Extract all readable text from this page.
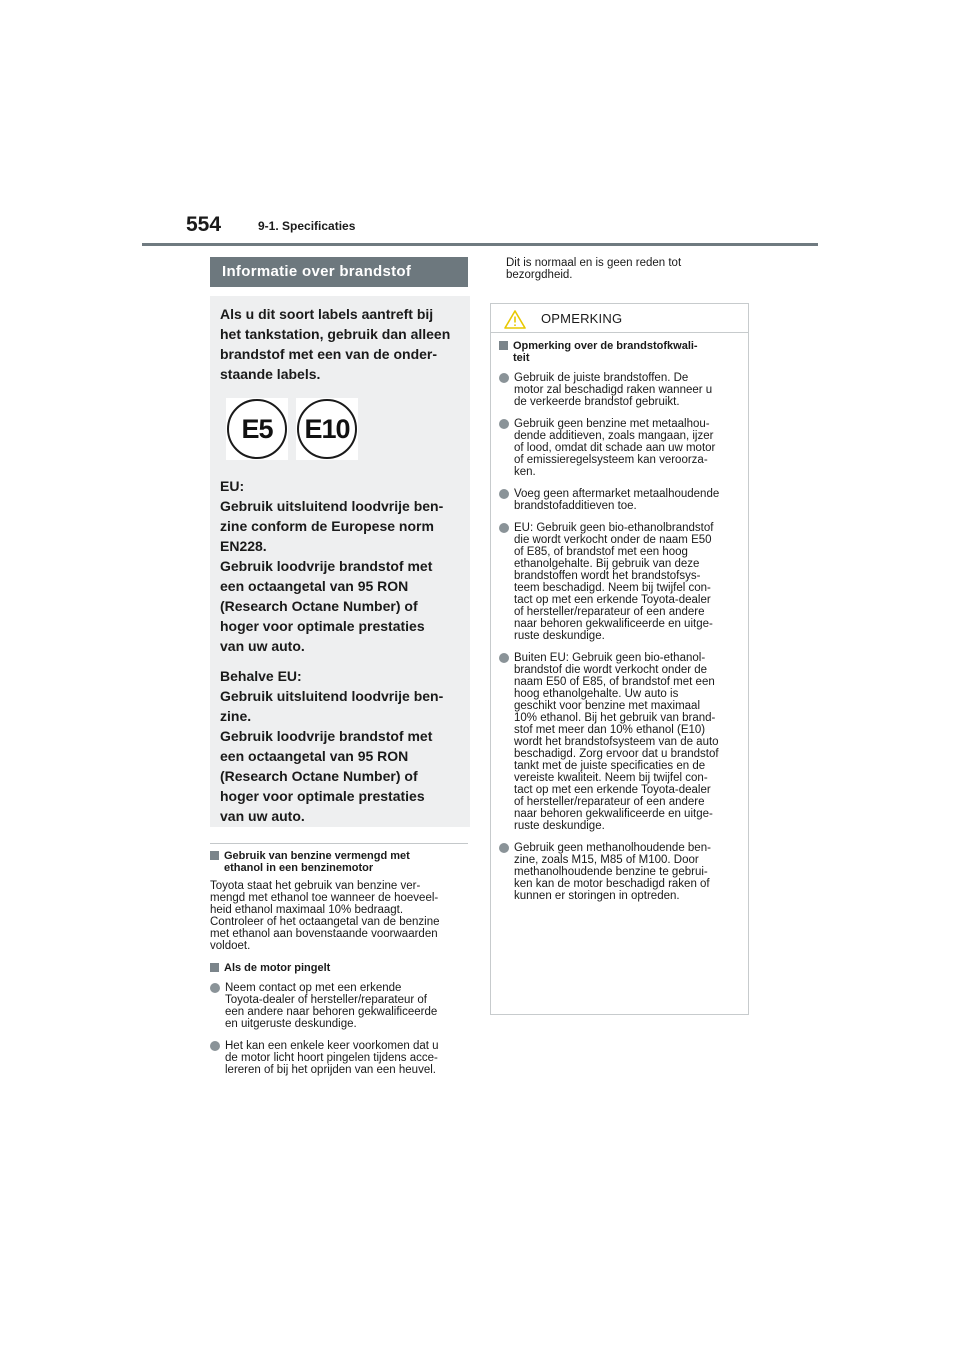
554	9-1. Specificaties
Informatie over brandstof

Als u dit soort labels aantreft bij
het tankstation, gebruik dan alleen
brandstof met een van de onder-
staande labels.

E5	E10

EU:
Gebruik uitsluitend loodvrije ben-
zine conform de Europese norm
EN228.
Gebruik loodvrije brandstof met
een octaangetal van 95 RON
(Research Octane Number) of
hoger voor optimale prestaties
van uw auto.

Behalve EU:
Gebruik uitsluitend loodvrije ben-
zine.
Gebruik loodvrije brandstof met
een octaangetal van 95 RON
(Research Octane Number) of
hoger voor optimale prestaties
van uw auto.

Gebruik van benzine vermengd met
ethanol in een benzinemotor

Toyota staat het gebruik van benzine ver-
mengd met ethanol toe wanneer de hoeveel-
heid ethanol maximaal 10% bedraagt.
Controleer of het octaangetal van de benzine
met ethanol aan bovenstaande voorwaarden
voldoet.

Als de motor pingelt
Neem contact op met een erkende
Toyota-dealer of hersteller/reparateur of
een andere naar behoren gekwalificeerde
en uitgeruste deskundige.
Het kan een enkele keer voorkomen dat u
de motor licht hoort pingelen tijdens acce-
lereren of bij het oprijden van een heuvel.
Dit is normaal en is geen reden tot
bezorgdheid.
OPMERKING
Opmerking over de brandstofkwali-
teit
Gebruik de juiste brandstoffen. De
motor zal beschadigd raken wanneer u
de verkeerde brandstof gebruikt.
Gebruik geen benzine met metaalhou-
dende additieven, zoals mangaan, ijzer
of lood, omdat dit schade aan uw motor
of emissieregelsysteem kan veroorza-
ken.
Voeg geen aftermarket metaalhoudende
brandstofadditieven toe.
EU: Gebruik geen bio-ethanolbrandstof
die wordt verkocht onder de naam E50
of E85, of brandstof met een hoog
ethanolgehalte. Bij gebruik van deze
brandstoffen wordt het brandstofsys-
teem beschadigd. Neem bij twijfel con-
tact op met een erkende Toyota-dealer
of hersteller/reparateur of een andere
naar behoren gekwalificeerde en uitge-
ruste deskundige.
Buiten EU: Gebruik geen bio-ethanol-
brandstof die wordt verkocht onder de
naam E50 of E85, of brandstof met een
hoog ethanolgehalte. Uw auto is
geschikt voor benzine met maximaal
10% ethanol. Bij het gebruik van brand-
stof met meer dan 10% ethanol (E10)
wordt het brandstofsysteem van de auto
beschadigd. Zorg ervoor dat u brandstof
tankt met de juiste specificaties en de
vereiste kwaliteit. Neem bij twijfel con-
tact op met een erkende Toyota-dealer
of hersteller/reparateur of een andere
naar behoren gekwalificeerde en uitge-
ruste deskundige.
Gebruik geen methanolhoudende ben-
zine, zoals M15, M85 of M100. Door
methanolhoudende benzine te gebrui-
ken kan de motor beschadigd raken of
kunnen er storingen in optreden.
